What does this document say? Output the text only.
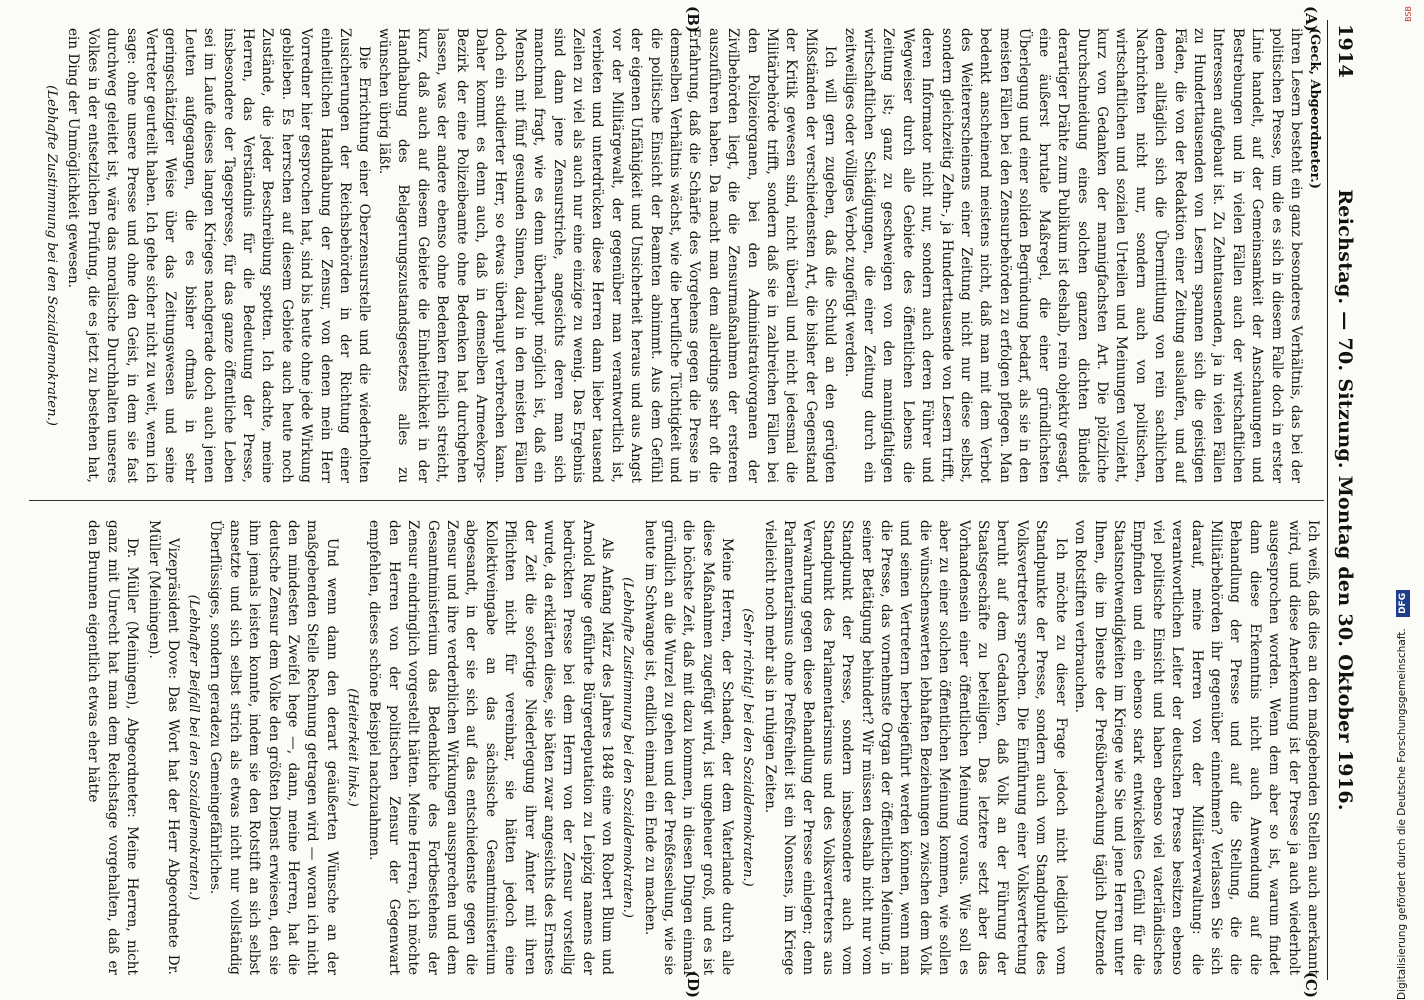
1914
Reichstag. — 70. Sitzung. Montag den 30. Oktober 1916.
(A)
(B)
(C)
(D)

(Geck, Abgeordneter.)

ihren Lesern besteht ein ganz besonderes Verhältnis, das bei der politischen Presse, um die es sich in diesem Falle doch in erster Linie handelt, auf der Gemeinsamkeit der Anschauungen und Bestrebungen und in vielen Fällen auch der wirtschaftlichen Interessen aufgebaut ist. Zu Zehntausenden, ja in vielen Fällen zu Hunderttausenden von Lesern spannen sich die geistigen Fäden, die von der Redaktion einer Zeitung auslaufen, und auf denen alltäglich sich die Übermittlung von rein sachlichen Nachrichten nicht nur, sondern auch von politischen, wirtschaftlichen und sozialen Urteilen und Meinungen vollzieht, kurz von Gedanken der mannigfachsten Art. Die plötzliche Durchschneidung eines solchen ganzen dichten Bündels derartiger Drähte zum Publikum ist deshalb, rein objektiv gesagt, eine äußerst brutale Maßregel, die einer gründlichsten Überlegung und einer soliden Begründung bedarf, als sie in den meisten Fällen bei den Zensurbehörden zu erfolgen pflegen. Man bedenkt anscheinend meistens nicht, daß man mit dem Verbot des Weitererscheinens einer Zeitung nicht nur diese selbst, sondern gleichzeitig Zehn-, ja Hunderttausende von Lesern trifft, deren Informator nicht nur, sondern auch deren Führer und Wegweiser durch alle Gebiete des öffentlichen Lebens die Zeitung ist; ganz zu geschweigen von den mannigfaltigen wirtschaftlichen Schädigungen, die einer Zeitung durch ein zeitweiliges oder völliges Verbot zugefügt werden.

Ich will gern zugeben, daß die Schuld an den gerügten Mißständen der verschiedensten Art, die bisher der Gegenstand der Kritik gewesen sind, nicht überall und nicht jedesmal die Militärbehörde trifft, sondern daß sie in zahlreichen Fällen bei den Polizeiorganen, bei den Administrativorganen der Zivilbehörden liegt, die die Zensurmaßnahmen der ersteren auszuführen haben. Da macht man dem allerdings sehr oft die Erfahrung, daß die Schärfe des Vorgehens gegen die Presse in demselben Verhältnis wächst, wie die berufliche Tüchtigkeit und die politische Einsicht der Beamten abnimmt. Aus dem Gefühl der eigenen Unfähigkeit und Unsicherheit heraus und aus Angst vor der Militärgewalt, der gegenüber man verantwortlich ist, verbieten und unterdrücken diese Herren dann lieber tausend Zeilen zu viel als auch nur eine einzige zu wenig. Das Ergebnis sind dann jene Zensurstriche, angesichts deren man sich manchmal fragt, wie es denn überhaupt möglich ist, daß ein Mensch mit fünf gesunden Sinnen, dazu in den meisten Fällen doch ein studierter Herr, so etwas überhaupt verbrechen kann. Daher kommt es denn auch, daß in demselben Armeekorps-Bezirk der eine Polizeibeamte ohne Bedenken hat durchgehen lassen, was der andere ebenso ohne Bedenken freilich streicht, kurz, daß auch auf diesem Gebiete die Einheitlichkeit in der Handhabung des Belagerungszustandsgesetzes alles zu wünschen übrig läßt.

Die Errichtung einer Oberzensurstelle und die wiederholten Zusicherungen der Reichsbehörden in der Richtung einer einheitlichen Handhabung der Zensur, von denen mein Herr Vorredner hier gesprochen hat, sind bis heute ohne jede Wirkung geblieben. Es herrschen auf diesem Gebiete auch heute noch Zustände, die jeder Beschreibung spotten. Ich dachte, meine Herren, das Verständnis für die Bedeutung der Presse, insbesondere der Tagespresse, für das ganze öffentliche Leben sei im Laufe dieses langen Krieges nachgerade doch auch jenen Leuten aufgegangen, die es bisher oftmals in sehr geringschätziger Weise über das Zeitungswesen und seine Vertreter geurteilt haben. Ich gehe sicher nicht zu weit, wenn ich sage: ohne unsere Presse und ohne den Geist, in dem sie fast durchweg geleitet ist, wäre das moralische Durchhalten unseres Volkes in der entsetzlichen Prüfung, die es jetzt zu bestehen hat, ein Ding der Unmöglichkeit gewesen.

(Lebhafte Zustimmung bei den Sozialdemokraten.)

Ich weiß, daß dies an den maßgebenden Stellen auch anerkannt wird, und diese Anerkennung ist der Presse ja auch wiederholt ausgesprochen worden. Wenn dem aber so ist, warum findet dann diese Erkenntnis nicht auch Anwendung auf die Behandlung der Presse und auf die Stellung, die die Militärbehörden ihr gegenüber einnehmen? Verlassen Sie sich darauf, meine Herren von der Militärverwaltung: die verantwortlichen Leiter der deutschen Presse besitzen ebenso viel politische Einsicht und haben ebenso viel vaterländisches Empfinden und ein ebenso stark entwickeltes Gefühl für die Staatsnotwendigkeiten im Kriege wie Sie und jene Herren unter Ihnen, die im Dienste der Preßüberwachung täglich Dutzende von Rotstiften verbrauchen.

Ich möchte zu dieser Frage jedoch nicht lediglich vom Standpunkte der Presse, sondern auch vom Standpunkte des Volksvertreters sprechen. Die Einführung einer Volksvertretung beruht auf dem Gedanken, daß Volk an der Führung der Staatsgeschäfte zu beteiligen. Das letztere setzt aber das Vorhandensein einer öffentlichen Meinung voraus. Wie soll es aber zu einer solchen öffentlichen Meinung kommen, wie sollen die wünschenswerten lebhaften Beziehungen zwischen dem Volk und seinen Vertretern herbeigeführt werden können, wenn man die Presse, das vornehmste Organ der öffentlichen Meinung, in seiner Betätigung behindert? Wir müssen deshalb nicht nur vom Standpunkt der Presse, sondern insbesondere auch vom Standpunkt des Parlamentarismus und des Volksvertreters aus Verwahrung gegen diese Behandlung der Presse einlegen; denn Parlamentarismus ohne Preßfreiheit ist ein Nonsens, im Kriege vielleicht noch mehr als in ruhigen Zeiten.

(Sehr richtig! bei den Sozialdemokraten.)

Meine Herren, der Schaden, der dem Vaterlande durch alle diese Maßnahmen zugefügt wird, ist ungeheuer groß, und es ist die höchste Zeit, daß mit dazu kommen, in diesen Dingen einmal gründlich an die Wurzel zu gehen und der Preßfesselung, wie sie heute im Schwange ist, endlich einmal ein Ende zu machen.

(Lebhafte Zustimmung bei den Sozialdemokraten.)

Als Anfang März des Jahres 1848 eine von Robert Blum und Arnold Ruge geführte Bürgerdeputation zu Leipzig namens der bedrückten Presse bei dem Herrn von der Zensur vorstellig wurde, da erklärten diese, sie bäten zwar angesichts des Ernstes der Zeit die sofortige Niederlegung ihrer Ämter mit ihren Pflichten nicht für vereinbar, sie hätten jedoch eine Kollektiveingabe an das sächsische Gesamtministerium abgesandt, in der sie sich auf das entschiedenste gegen die Zensur und ihre verderblichen Wirkungen aussprechen und dem Gesamtministerium das Bedenkliche des Fortbestehens der Zensur eindringlich vorgestellt hätten. Meine Herren, ich möchte den Herren von der politischen Zensur der Gegenwart empfehlen, dieses schöne Beispiel nachzuahmen.

(Heiterkeit links.)

Und wenn dann den derart geäußerten Wünsche an der maßgebenden Stelle Rechnung getragen wird — woran ich nicht den mindesten Zweifel hege —, dann, meine Herren, hat die deutsche Zensur dem Volke den größten Dienst erwiesen, den sie ihm jemals leisten konnte, indem sie den Rotstift an sich selbst ansetzte und sich selbst strich als etwas nicht nur vollständig Überflüssiges, sondern geradezu Gemeingefährliches.

(Lebhafter Beifall bei den Sozialdemokraten.)

Vizepräsident Dove: Das Wort hat der Herr Abgeordnete Dr. Müller (Meiningen).

Dr. Müller (Meiningen), Abgeordneter: Meine Herren, nicht ganz mit Unrecht hat man dem Reichstage vorgehalten, daß er den Brunnen eigentlich etwas eher hätte	Digitalisierung gefördert durch die Deutsche Forschungsgemeinschaft. DFG
BSB
